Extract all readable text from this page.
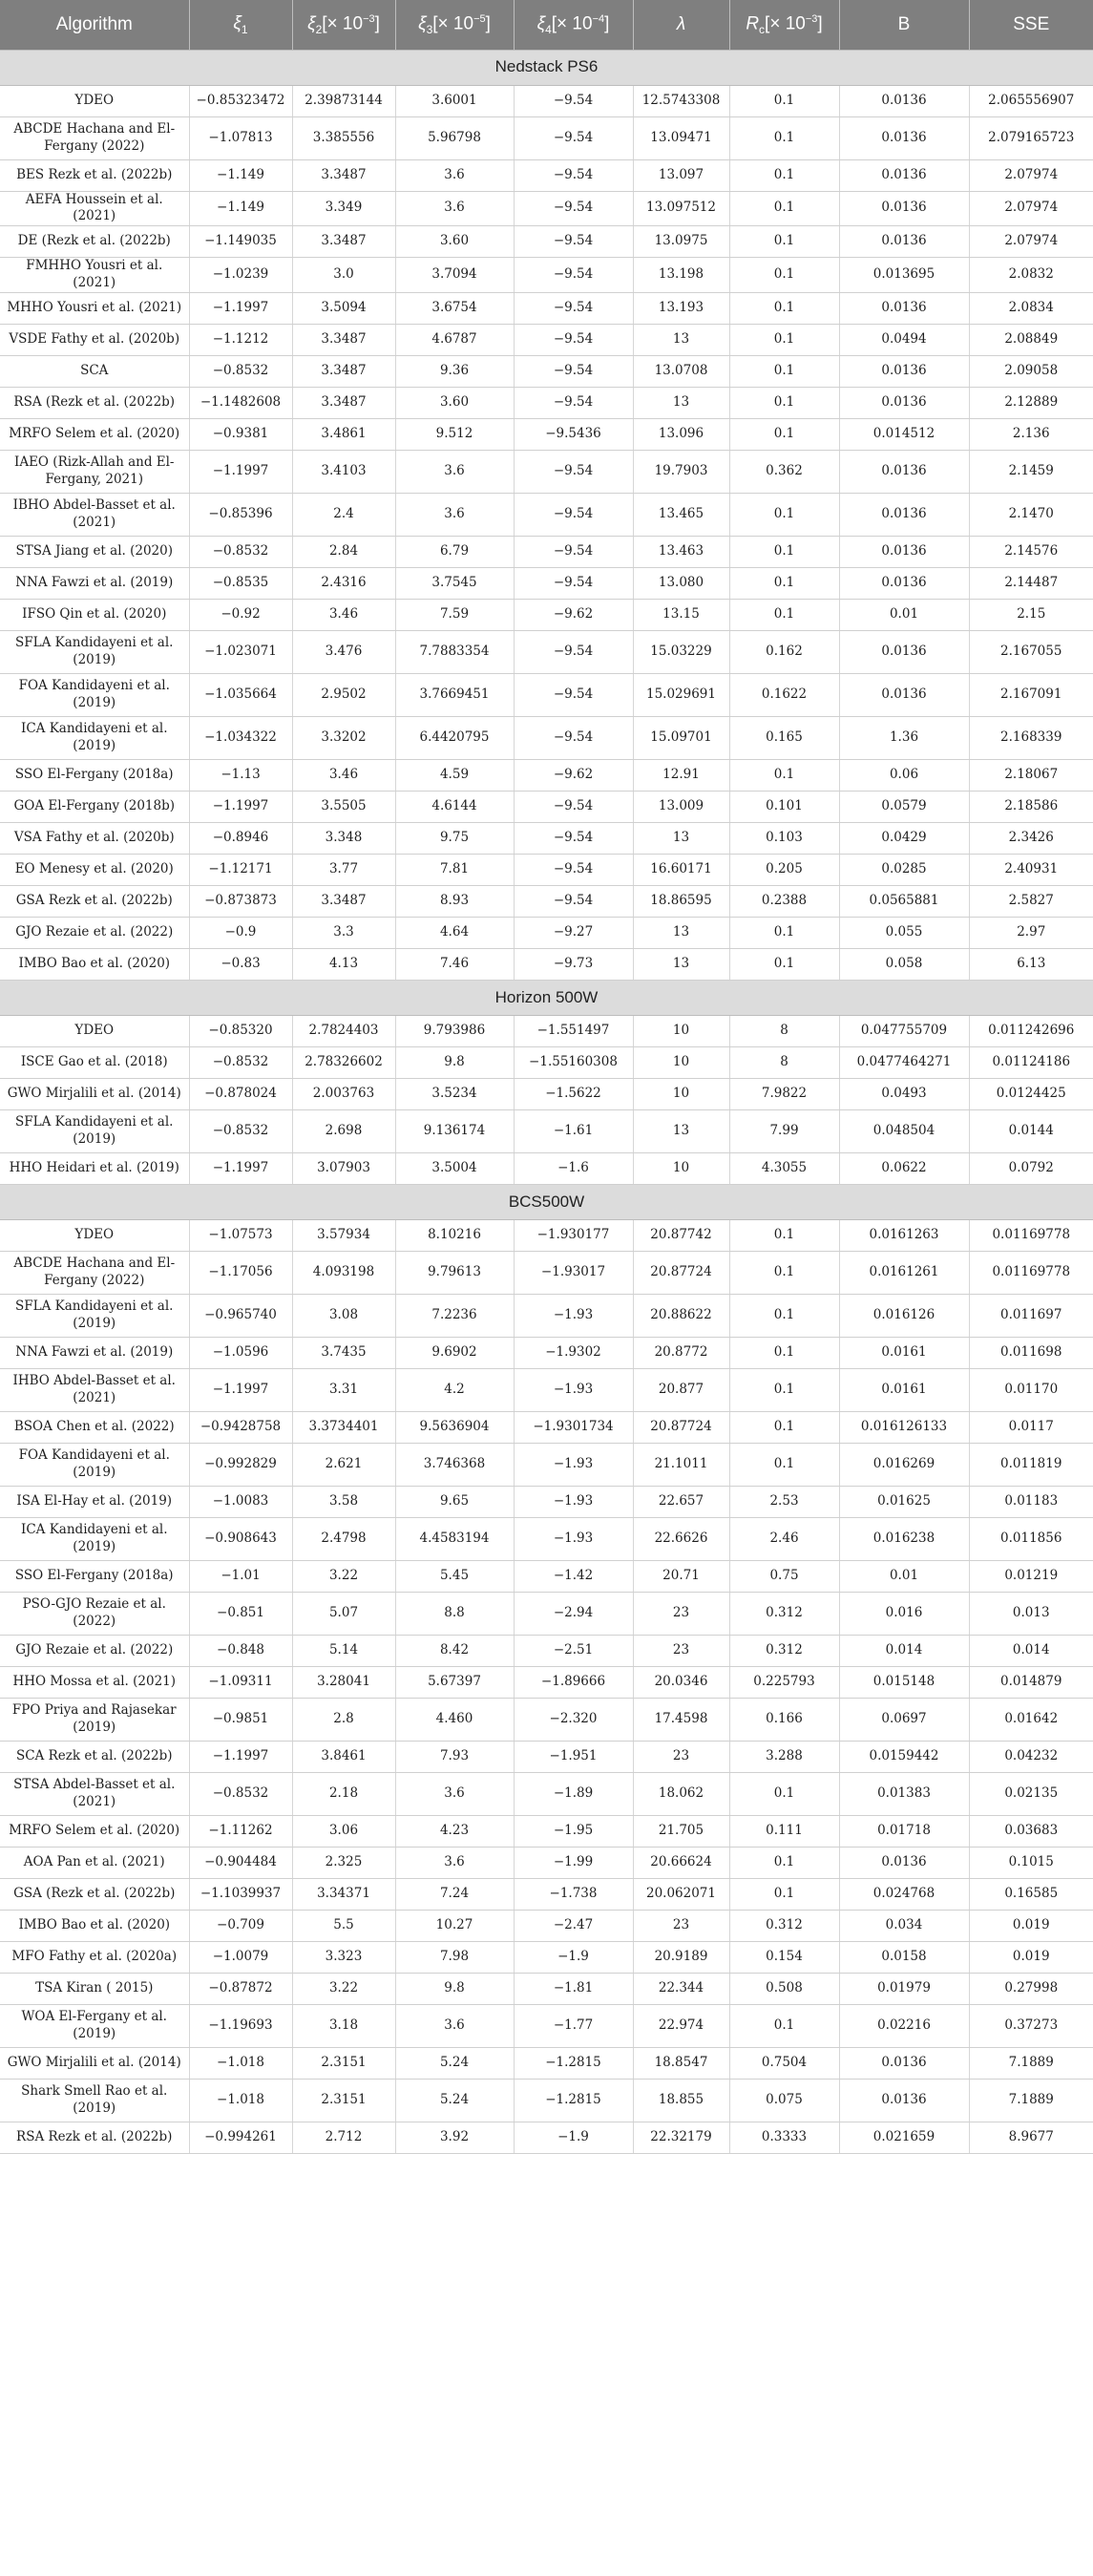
Algorithm	$\xi_1$	$\xi_2[\times 10^{-3}]$	$\xi_3[\times 10^{-5}]$	$\xi_4[\times 10^{-4}]$	λ	$R_c[\times 10^{-3}]$	B	SSE
Nedstack PS6								
YDEO	−0.85323472	2.39873144	3.6001	−9.54	12.5743308	0.1	0.0136	2.065556907
ABCDE Hachana and El-Fergany (2022)	−1.07813	3.385556	5.96798	−9.54	13.09471	0.1	0.0136	2.079165723
BES Rezk et al. (2022b)	−1.149	3.3487	3.6	−9.54	13.097	0.1	0.0136	2.07974
AEFA Houssein et al. (2021)	−1.149	3.349	3.6	−9.54	13.097512	0.1	0.0136	2.07974
DE (Rezk et al. (2022b)	−1.149035	3.3487	3.60	−9.54	13.0975	0.1	0.0136	2.07974
FMHHO Yousri et al. (2021)	−1.0239	3.0	3.7094	−9.54	13.198	0.1	0.013695	2.0832
MHHO Yousri et al. (2021)	−1.1997	3.5094	3.6754	−9.54	13.193	0.1	0.0136	2.0834
VSDE Fathy et al. (2020b)	−1.1212	3.3487	4.6787	−9.54	13	0.1	0.0494	2.08849
SCA	−0.8532	3.3487	9.36	−9.54	13.0708	0.1	0.0136	2.09058
RSA (Rezk et al. (2022b)	−1.1482608	3.3487	3.60	−9.54	13	0.1	0.0136	2.12889
MRFO Selem et al. (2020)	−0.9381	3.4861	9.512	−9.5436	13.096	0.1	0.014512	2.136
IAEO (Rizk-Allah and El-Fergany, 2021)	−1.1997	3.4103	3.6	−9.54	19.7903	0.362	0.0136	2.1459
IBHO Abdel-Basset et al. (2021)	−0.85396	2.4	3.6	−9.54	13.465	0.1	0.0136	2.1470
STSA Jiang et al. (2020)	−0.8532	2.84	6.79	−9.54	13.463	0.1	0.0136	2.14576
NNA Fawzi et al. (2019)	−0.8535	2.4316	3.7545	−9.54	13.080	0.1	0.0136	2.14487
IFSO Qin et al. (2020)	−0.92	3.46	7.59	−9.62	13.15	0.1	0.01	2.15
SFLA Kandidayeni et al. (2019)	−1.023071	3.476	7.7883354	−9.54	15.03229	0.162	0.0136	2.167055
FOA Kandidayeni et al. (2019)	−1.035664	2.9502	3.7669451	−9.54	15.029691	0.1622	0.0136	2.167091
ICA Kandidayeni et al. (2019)	−1.034322	3.3202	6.4420795	−9.54	15.09701	0.165	1.36	2.168339
SSO El-Fergany (2018a)	−1.13	3.46	4.59	−9.62	12.91	0.1	0.06	2.18067
GOA El-Fergany (2018b)	−1.1997	3.5505	4.6144	−9.54	13.009	0.101	0.0579	2.18586
VSA Fathy et al. (2020b)	−0.8946	3.348	9.75	−9.54	13	0.103	0.0429	2.3426
EO Menesy et al. (2020)	−1.12171	3.77	7.81	−9.54	16.60171	0.205	0.0285	2.40931
GSA Rezk et al. (2022b)	−0.873873	3.3487	8.93	−9.54	18.86595	0.2388	0.0565881	2.5827
GJO Rezaie et al. (2022)	−0.9	3.3	4.64	−9.27	13	0.1	0.055	2.97
IMBO Bao et al. (2020)	−0.83	4.13	7.46	−9.73	13	0.1	0.058	6.13
Horizon 500W								
YDEO	−0.85320	2.7824403	9.793986	−1.551497	10	8	0.047755709	0.011242696
ISCE Gao et al. (2018)	−0.8532	2.78326602	9.8	−1.55160308	10	8	0.0477464271	0.01124186
GWO Mirjalili et al. (2014)	−0.878024	2.003763	3.5234	−1.5622	10	7.9822	0.0493	0.0124425
SFLA Kandidayeni et al. (2019)	−0.8532	2.698	9.136174	−1.61	13	7.99	0.048504	0.0144
HHO Heidari et al. (2019)	−1.1997	3.07903	3.5004	−1.6	10	4.3055	0.0622	0.0792
BCS500W								
YDEO	−1.07573	3.57934	8.10216	−1.930177	20.87742	0.1	0.0161263	0.01169778
ABCDE Hachana and El-Fergany (2022)	−1.17056	4.093198	9.79613	−1.93017	20.87724	0.1	0.0161261	0.01169778
SFLA Kandidayeni et al. (2019)	−0.965740	3.08	7.2236	−1.93	20.88622	0.1	0.016126	0.011697
NNA Fawzi et al. (2019)	−1.0596	3.7435	9.6902	−1.9302	20.8772	0.1	0.0161	0.011698
IHBO Abdel-Basset et al. (2021)	−1.1997	3.31	4.2	−1.93	20.877	0.1	0.0161	0.01170
BSOA Chen et al. (2022)	−0.9428758	3.3734401	9.5636904	−1.9301734	20.87724	0.1	0.016126133	0.0117
FOA Kandidayeni et al. (2019)	−0.992829	2.621	3.746368	−1.93	21.1011	0.1	0.016269	0.011819
ISA El-Hay et al. (2019)	−1.0083	3.58	9.65	−1.93	22.657	2.53	0.01625	0.01183
ICA Kandidayeni et al. (2019)	−0.908643	2.4798	4.4583194	−1.93	22.6626	2.46	0.016238	0.011856
SSO El-Fergany (2018a)	−1.01	3.22	5.45	−1.42	20.71	0.75	0.01	0.01219
PSO-GJO Rezaie et al. (2022)	−0.851	5.07	8.8	−2.94	23	0.312	0.016	0.013
GJO Rezaie et al. (2022)	−0.848	5.14	8.42	−2.51	23	0.312	0.014	0.014
HHO Mossa et al. (2021)	−1.09311	3.28041	5.67397	−1.89666	20.0346	0.225793	0.015148	0.014879
FPO Priya and Rajasekar (2019)	−0.9851	2.8	4.460	−2.320	17.4598	0.166	0.0697	0.01642
SCA Rezk et al. (2022b)	−1.1997	3.8461	7.93	−1.951	23	3.288	0.0159442	0.04232
STSA Abdel-Basset et al. (2021)	−0.8532	2.18	3.6	−1.89	18.062	0.1	0.01383	0.02135
MRFO Selem et al. (2020)	−1.11262	3.06	4.23	−1.95	21.705	0.111	0.01718	0.03683
AOA Pan et al. (2021)	−0.904484	2.325	3.6	−1.99	20.66624	0.1	0.0136	0.1015
GSA (Rezk et al. (2022b)	−1.1039937	3.34371	7.24	−1.738	20.062071	0.1	0.024768	0.16585
IMBO Bao et al. (2020)	−0.709	5.5	10.27	−2.47	23	0.312	0.034	0.019
MFO Fathy et al. (2020a)	−1.0079	3.323	7.98	−1.9	20.9189	0.154	0.0158	0.019
TSA Kiran ( 2015)	−0.87872	3.22	9.8	−1.81	22.344	0.508	0.01979	0.27998
WOA El-Fergany et al. (2019)	−1.19693	3.18	3.6	−1.77	22.974	0.1	0.02216	0.37273
GWO Mirjalili et al. (2014)	−1.018	2.3151	5.24	−1.2815	18.8547	0.7504	0.0136	7.1889
Shark Smell Rao et al. (2019)	−1.018	2.3151	5.24	−1.2815	18.855	0.075	0.0136	7.1889
RSA Rezk et al. (2022b)	−0.994261	2.712	3.92	−1.9	22.32179	0.3333	0.021659	8.9677
